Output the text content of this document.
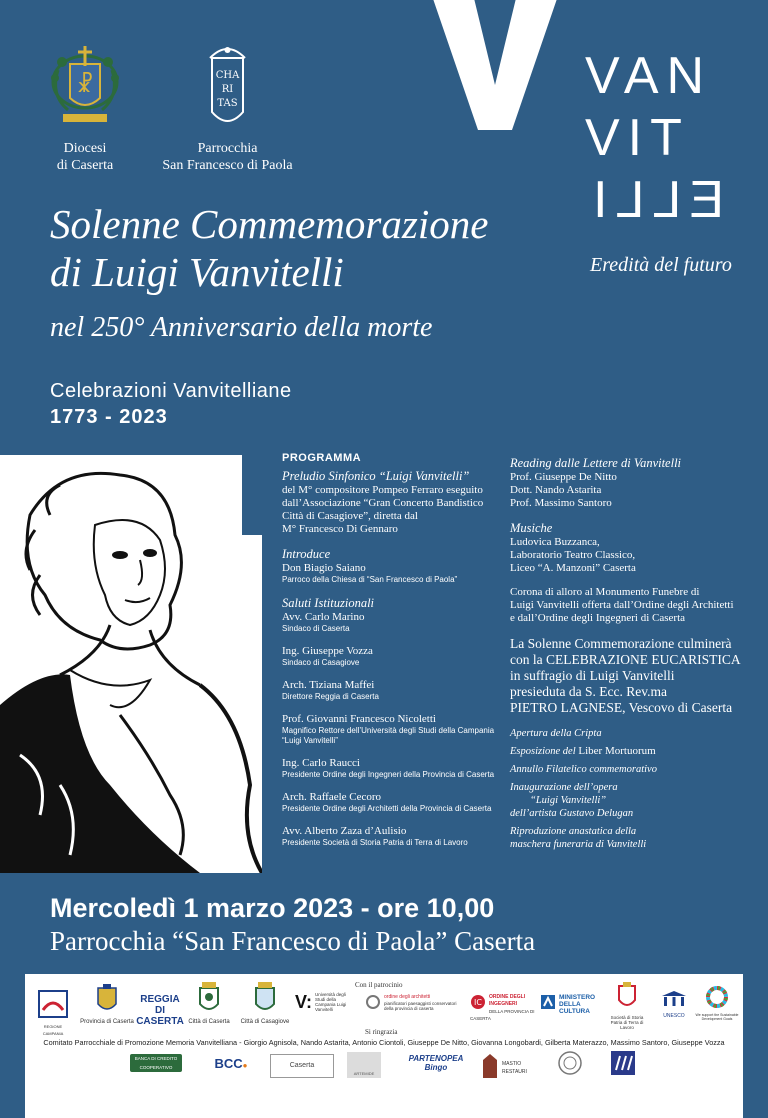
☧
Diocesi
di Caserta
CHA
RI
TAS
Parrocchia
San Francesco di Paola
VAN
VIT
ELLI
Eredità del futuro
Solenne Commemorazione
di Luigi Vanvitelli
nel 250° Anniversario della morte
Celebrazioni Vanvitelliane
1773 - 2023
PROGRAMMA
Preludio Sinfonico “Luigi Vanvitelli”
del M° compositore Pompeo Ferraro eseguito
dall’Associazione “Gran Concerto Bandistico
Città di Casagiove”, diretta dal
M° Francesco Di Gennaro
Introduce
Don Biagio Saiano
Parroco della Chiesa di “San Francesco di Paola”
Saluti Istituzionali
Avv. Carlo Marino
Sindaco di Caserta
Ing. Giuseppe Vozza
Sindaco di Casagiove
Arch. Tiziana Maffei
Direttore Reggia di Caserta
Prof. Giovanni Francesco Nicoletti
Magnifico Rettore dell’Università degli Studi della Campania
“Luigi Vanvitelli”
Ing. Carlo Raucci
Presidente Ordine degli Ingegneri della Provincia di Caserta
Arch. Raffaele Cecoro
Presidente Ordine degli Architetti della Provincia di Caserta
Avv. Alberto Zaza d’Aulisio
Presidente Società di Storia Patria di Terra di Lavoro
Reading dalle Lettere di Vanvitelli
Prof. Giuseppe De Nitto
Dott. Nando Astarita
Prof. Massimo Santoro
Musiche
Ludovica Buzzanca,
Laboratorio Teatro Classico,
Liceo “A. Manzoni” Caserta
Corona di alloro al Monumento Funebre di
Luigi Vanvitelli offerta dall’Ordine degli Architetti
e dall’Ordine degli Ingegneri di Caserta
La Solenne Commemorazione culminerà
con la CELEBRAZIONE EUCARISTICA
in suffragio di Luigi Vanvitelli
presieduta da S. Ecc. Rev.ma
PIETRO LAGNESE, Vescovo di Caserta
Apertura della Cripta
Esposizione del Liber Mortuorum
Annullo Filatelico commemorativo
Inaugurazione dell’opera
“Luigi Vanvitelli”
dell’artista Gustavo Delugan
Riproduzione anastatica della
maschera funeraria di Vanvitelli
Mercoledì 1 marzo 2023 - ore 10,00
Parrocchia “San Francesco di Paola” Caserta
Con il patrocinio
REGIONE CAMPANIA
Provincia di Caserta
REGGIA DI CASERTA Città di Caserta	Città di Casagiove
V: Università degli Studi della Campania Luigi Vanvitelli
ordine degli architetti
pianificatori paesaggisti conservatori della provincia di caserta
IC
ORDINE DEGLI INGEGNERI
DELLA PROVINCIA DI CASERTA
MINISTERO DELLA CULTURA
Società di Storia Patria di Terra di Lavoro
UNESCO	We support the Sustainable Development Goals
Si ringrazia
Comitato Parrocchiale di Promozione Memoria Vanvitelliana - Giorgio Agnisola, Nando Astarita, Antonio Ciontoli, Giuseppe De Nitto, Giovanna Longobardi, Gilberta Materazzo, Massimo Santoro, Giuseppe Vozza
BANCA DI CREDITO COOPERATIVO	BCC●	Caserta
ARTEMIDE
PARTENOPEA Bingo	MASTIO RESTAURI
